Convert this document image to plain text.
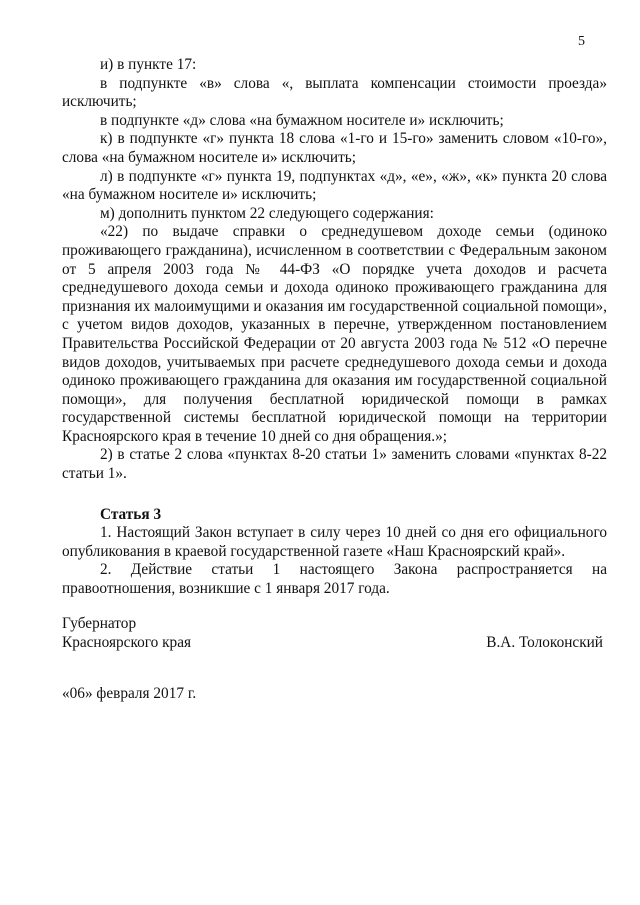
5

и) в пункте 17:

в подпункте «в» слова «, выплата компенсации стоимости проезда» исключить;

в подпункте «д» слова «на бумажном носителе и» исключить;

к) в подпункте «г» пункта 18 слова «1-го и 15-го» заменить словом «10-го», слова «на бумажном носителе и» исключить;

л) в подпункте «г» пункта 19, подпунктах «д», «е», «ж», «к» пункта 20 слова «на бумажном носителе и» исключить;

м) дополнить пунктом 22 следующего содержания:

«22) по выдаче справки о среднедушевом доходе семьи (одиноко проживающего гражданина), исчисленном в соответствии с Федеральным законом от 5 апреля 2003 года № 44-ФЗ «О порядке учета доходов и расчета среднедушевого дохода семьи и дохода одиноко проживающего гражданина для признания их малоимущими и оказания им государственной социальной помощи», с учетом видов доходов, указанных в перечне, утвержденном постановлением Правительства Российской Федерации от 20 августа 2003 года № 512 «О перечне видов доходов, учитываемых при расчете среднедушевого дохода семьи и дохода одиноко проживающего гражданина для оказания им государственной социальной помощи», для получения бесплатной юридической помощи в рамках государственной системы бесплатной юридической помощи на территории Красноярского края в течение 10 дней со дня обращения.»;

2) в статье 2 слова «пунктах 8-20 статьи 1» заменить словами «пунктах 8-22 статьи 1».

Статья 3

1. Настоящий Закон вступает в силу через 10 дней со дня его официального опубликования в краевой государственной газете «Наш Красноярский край».

2. Действие статьи 1 настоящего Закона распространяется на правоотношения, возникшие с 1 января 2017 года.

Губернатор
Красноярского края	В.А. Толоконский
«06» февраля 2017 г.
